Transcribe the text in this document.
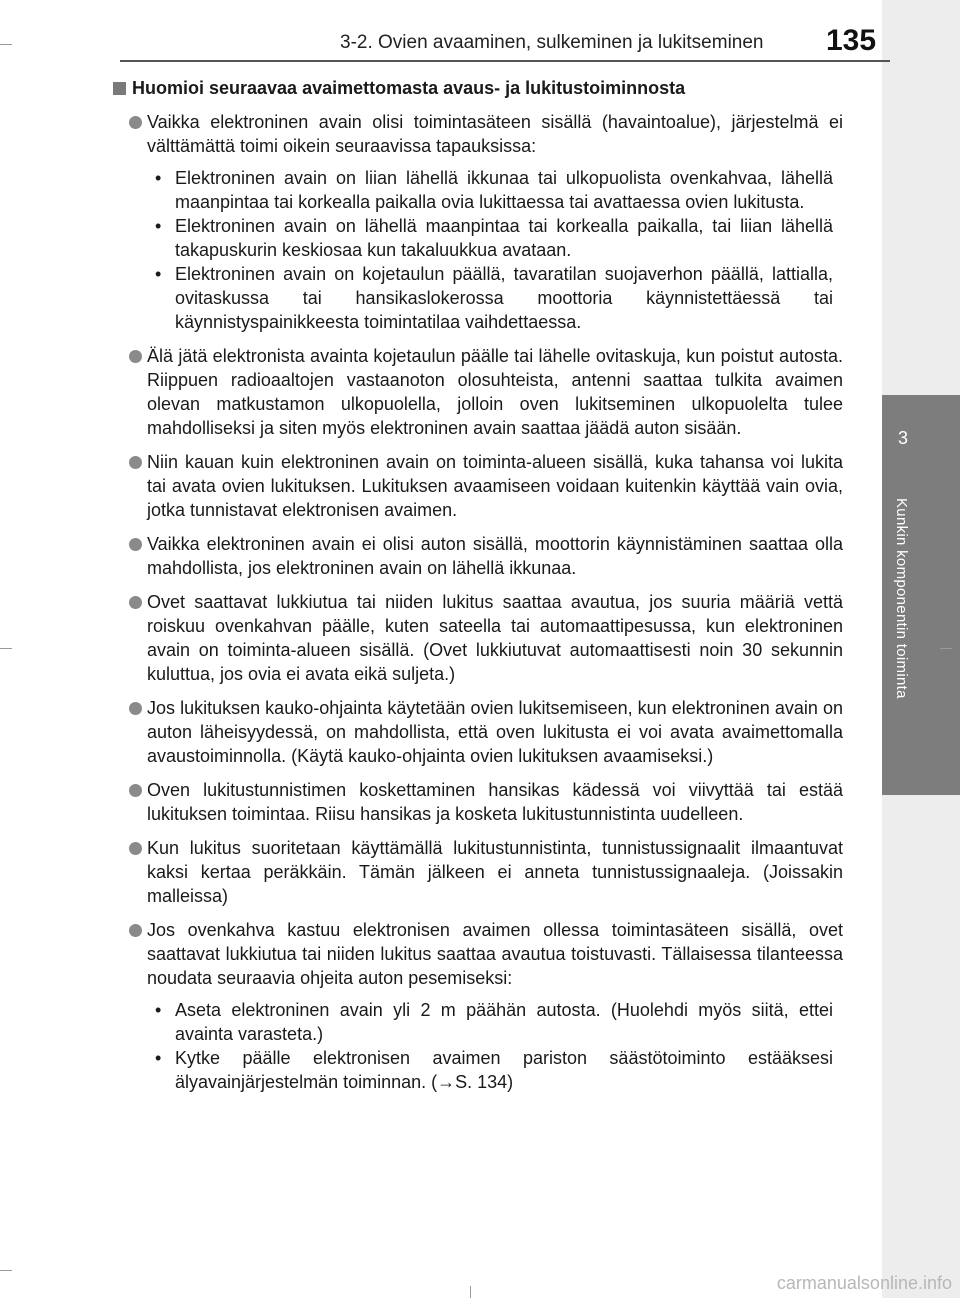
3
Kunkin komponentin toiminta
3-2. Ovien avaaminen, sulkeminen ja lukitseminen 135
Huomioi seuraavaa avaimettomasta avaus- ja lukitustoiminnosta
Vaikka elektroninen avain olisi toimintasäteen sisällä (havaintoalue), järjestelmä ei välttämättä toimi oikein seuraavissa tapauksissa:
• Elektroninen avain on liian lähellä ikkunaa tai ulkopuolista ovenkahvaa, lähellä maanpintaa tai korkealla paikalla ovia lukittaessa tai avattaessa ovien lukitusta.
• Elektroninen avain on lähellä maanpintaa tai korkealla paikalla, tai liian lähellä takapuskurin keskiosaa kun takaluukkua avataan.
• Elektroninen avain on kojetaulun päällä, tavaratilan suojaverhon päällä, lattialla, ovitaskussa tai hansikaslokerossa moottoria käynnistettäessä tai käynnistyspainikkeesta toimintatilaa vaihdettaessa.
Älä jätä elektronista avainta kojetaulun päälle tai lähelle ovitaskuja, kun poistut autosta. Riippuen radioaaltojen vastaanoton olosuhteista, antenni saattaa tulkita avaimen olevan matkustamon ulkopuolella, jolloin oven lukitseminen ulkopuolelta tulee mahdolliseksi ja siten myös elektroninen avain saattaa jäädä auton sisään.
Niin kauan kuin elektroninen avain on toiminta-alueen sisällä, kuka tahansa voi lukita tai avata ovien lukituksen. Lukituksen avaamiseen voidaan kuitenkin käyttää vain ovia, jotka tunnistavat elektronisen avaimen.
Vaikka elektroninen avain ei olisi auton sisällä, moottorin käynnistäminen saattaa olla mahdollista, jos elektroninen avain on lähellä ikkunaa.
Ovet saattavat lukkiutua tai niiden lukitus saattaa avautua, jos suuria määriä vettä roiskuu ovenkahvan päälle, kuten sateella tai automaattipesussa, kun elektroninen avain on toiminta-alueen sisällä. (Ovet lukkiutuvat automaattisesti noin 30 sekunnin kuluttua, jos ovia ei avata eikä suljeta.)
Jos lukituksen kauko-ohjainta käytetään ovien lukitsemiseen, kun elektroninen avain on auton läheisyydessä, on mahdollista, että oven lukitusta ei voi avata avaimettomalla avaustoiminnolla. (Käytä kauko-ohjainta ovien lukituksen avaamiseksi.)
Oven lukitustunnistimen koskettaminen hansikas kädessä voi viivyttää tai estää lukituksen toimintaa. Riisu hansikas ja kosketa lukitustunnistinta uudelleen.
Kun lukitus suoritetaan käyttämällä lukitustunnistinta, tunnistussignaalit ilmaantuvat kaksi kertaa peräkkäin. Tämän jälkeen ei anneta tunnistussignaaleja. (Joissakin malleissa)
Jos ovenkahva kastuu elektronisen avaimen ollessa toimintasäteen sisällä, ovet saattavat lukkiutua tai niiden lukitus saattaa avautua toistuvasti. Tällaisessa tilanteessa noudata seuraavia ohjeita auton pesemiseksi:
• Aseta elektroninen avain yli 2 m päähän autosta. (Huolehdi myös siitä, ettei avainta varasteta.)
• Kytke päälle elektronisen avaimen pariston säästötoiminto estääksesi älyavainjärjestelmän toiminnan. (→S. 134)
carmanualsonline.info
